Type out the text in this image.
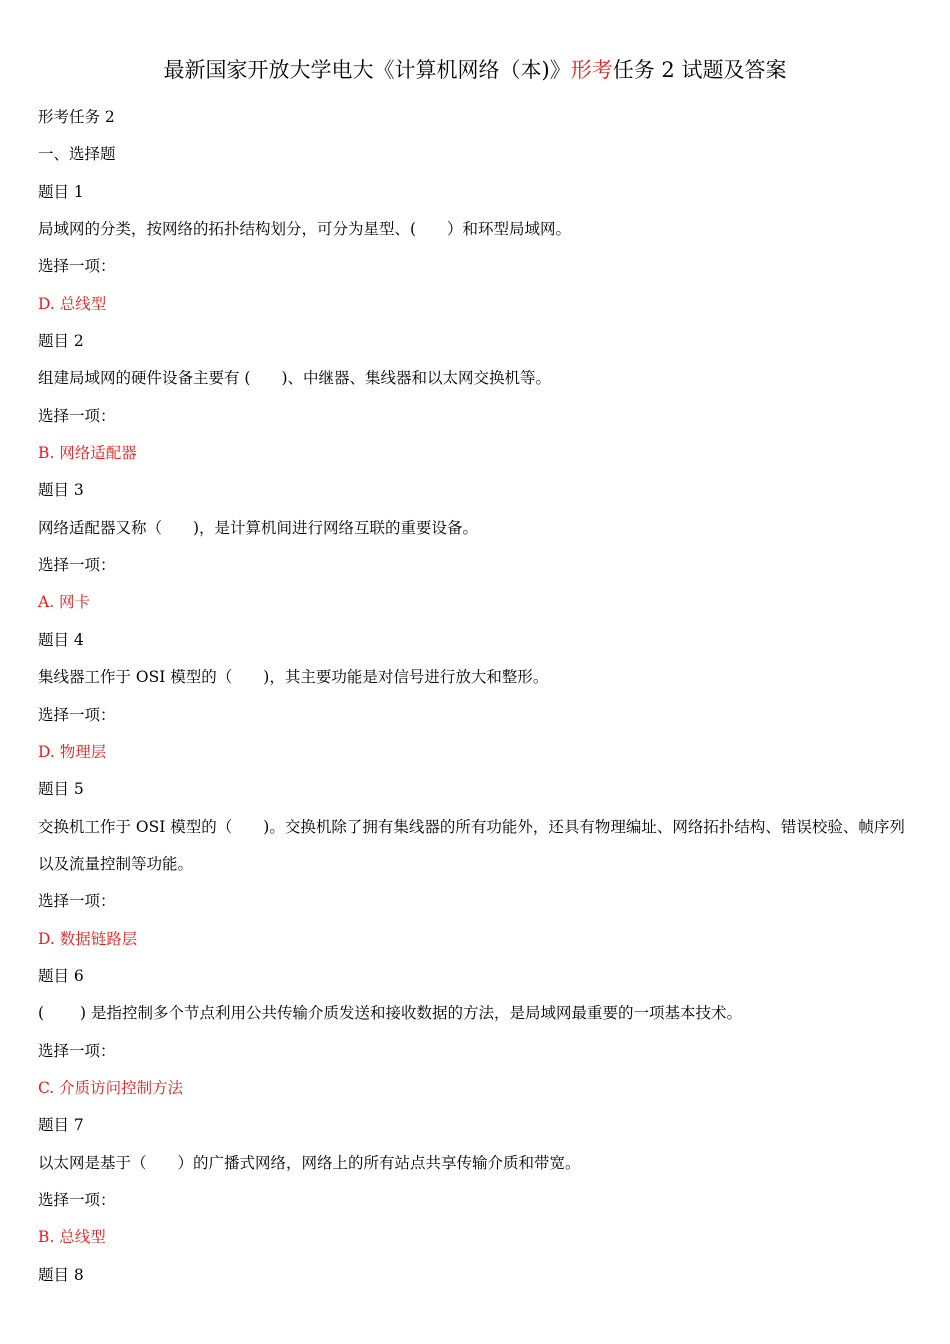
最新国家开放大学电大《计算机网络（本)》形考任务 2 试题及答案
形考任务 2
一、选择题
题目 1
局域网的分类，按网络的拓扑结构划分，可分为星型、(　　）和环型局域网。
选择一项：
D. 总线型
题目 2
组建局域网的硬件设备主要有 (　　)、中继器、集线器和以太网交换机等。
选择一项：
B. 网络适配器
题目 3
网络适配器又称（　　)，是计算机间进行网络互联的重要设备。
选择一项：
A. 网卡
题目 4
集线器工作于 OSI 模型的（　　)，其主要功能是对信号进行放大和整形。
选择一项：
D. 物理层
题目 5
交换机工作于 OSI 模型的（　　)。交换机除了拥有集线器的所有功能外，还具有物理编址、网络拓扑结构、错误校验、帧序列以及流量控制等功能。
选择一项：
D. 数据链路层
题目 6
(　　 ) 是指控制多个节点利用公共传输介质发送和接收数据的方法，是局域网最重要的一项基本技术。
选择一项：
C. 介质访问控制方法
题目 7
以太网是基于（　　）的广播式网络，网络上的所有站点共享传输介质和带宽。
选择一项：
B. 总线型
题目 8
